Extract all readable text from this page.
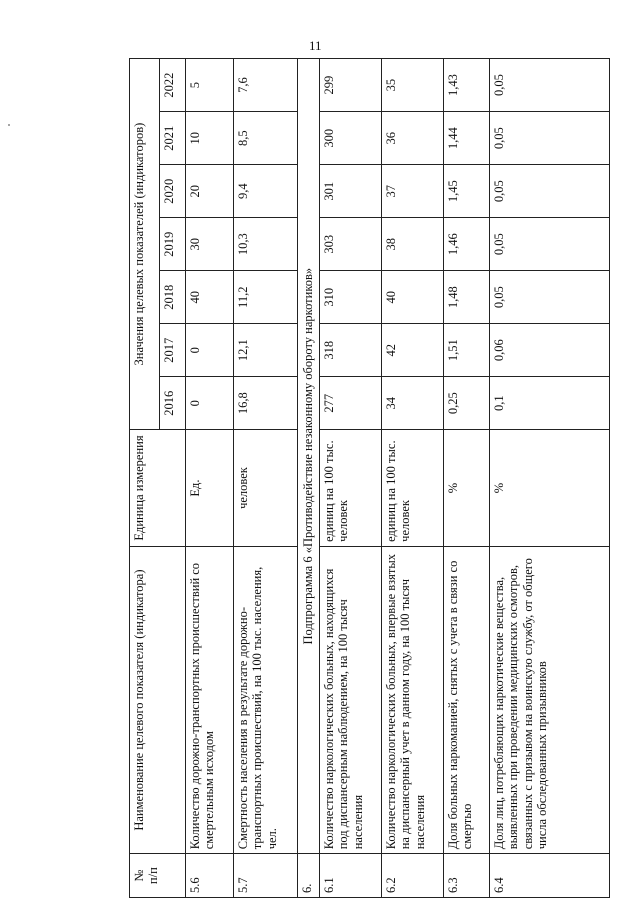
11
№
п/п	Наименование целевого показателя (индикатора)	Единица измерения	Значения целевых показателей (индикаторов)						
			2016	2017	2018	2019	2020	2021	2022
5.6	Количество дорожно-транспортных происшествий со смертельным исходом	Ед.	0	0	40	30	20	10	5
5.7	Смертность населения в результате дорожно-транспортных происшествий, на 100 тыс. населения, чел.	человек	16,8	12,1	11,2	10,3	9,4	8,5	7,6
6.	Подпрограмма 6 «Противодействие незаконному обороту наркотиков»								
6.1	Количество наркологических больных, находящихся под диспансерным наблюдением, на 100 тысяч населения	единиц на 100 тыс. человек	277	318	310	303	301	300	299
6.2	Количество наркологических больных, впервые взятых на диспансерный учет в данном году, на 100 тысяч населения	единиц на 100 тыс. человек	34	42	40	38	37	36	35
6.3	Доля больных наркоманией, снятых с учета в связи со смертью	%	0,25	1,51	1,48	1,46	1,45	1,44	1,43
6.4	Доля лиц, потребляющих наркотические вещества, выявленных при проведении медицинских осмотров, связанных с призывом на воинскую службу, от общего числа обследованных призывников	%	0,1	0,06	0,05	0,05	0,05	0,05	0,05
